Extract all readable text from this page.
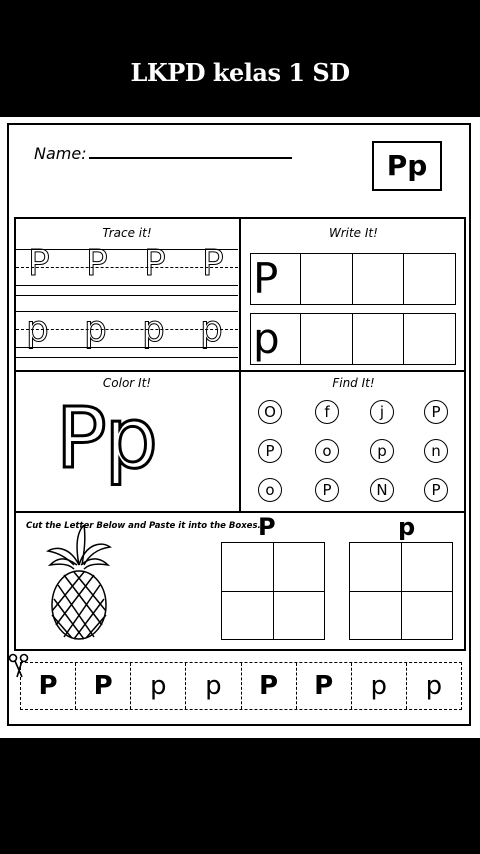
LKPD kelas 1 SD
Name:	Pp
Trace it!
P P P P
p p p p
Write It!
P
p
Color It!
Pp
Find It!
O	f	j	P
P	o	p	n
o	P	N	P
Cut the Letter Below and Paste it into the Boxes.
P	p
P	P	p	p	P	P	p	p
